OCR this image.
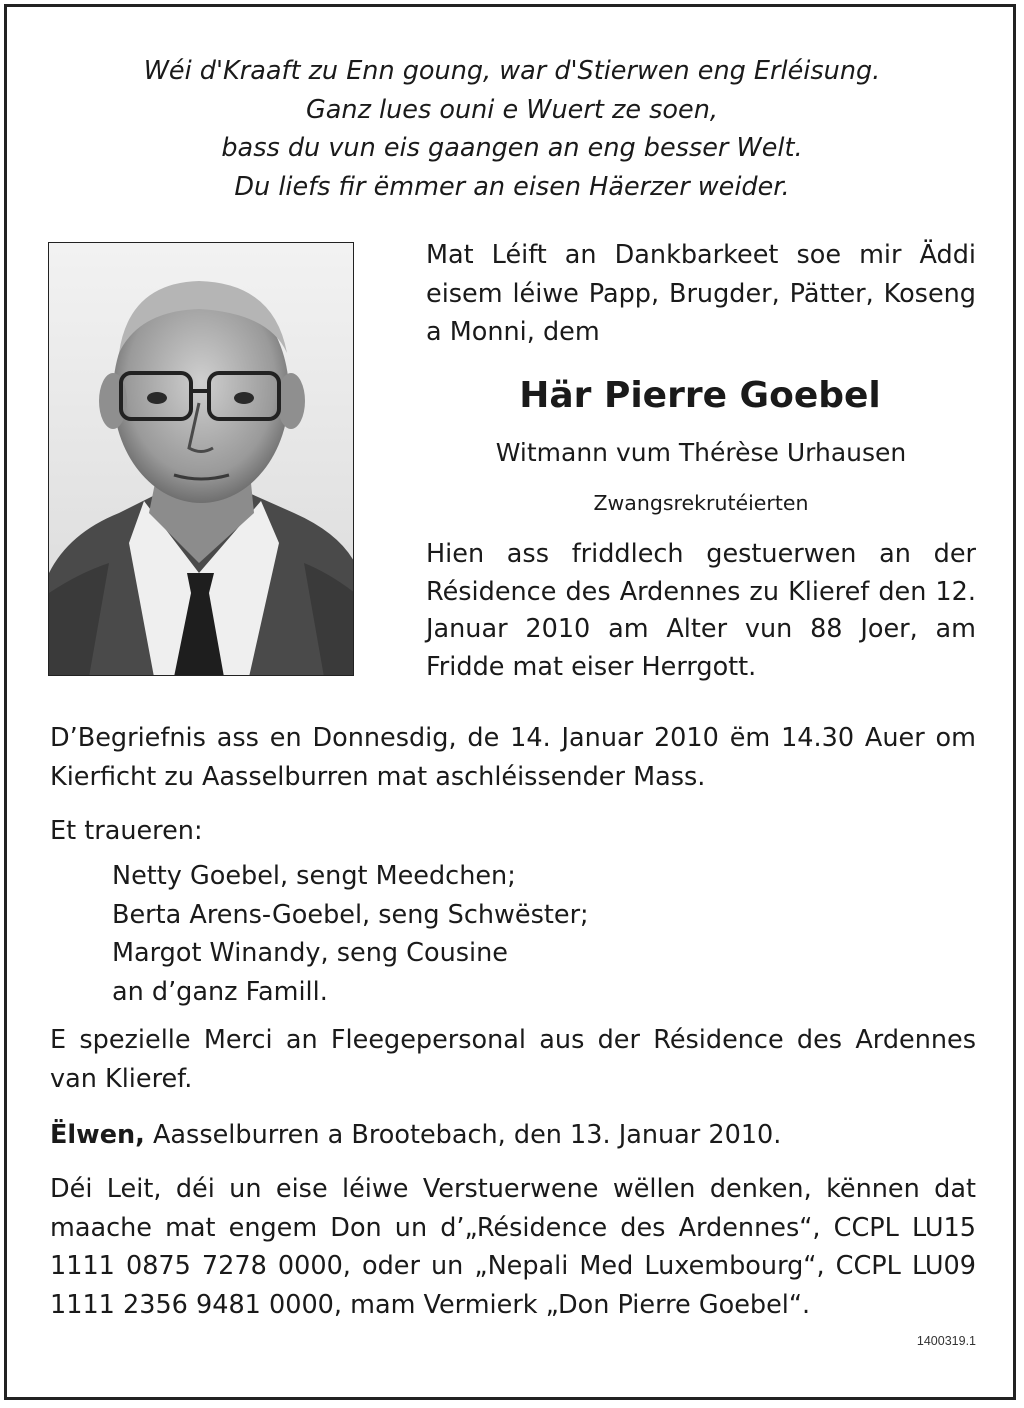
Wéi d'Kraaft zu Enn goung, war d'Stierwen eng Erléisung.
Ganz lues ouni e Wuert ze soen,
bass du vun eis gaangen an eng besser Welt.
Du liefs fir ëmmer an eisen Häerzer weider.
Mat Léift an Dankbarkeet soe mir Äddi eisem léiwe Papp, Brugder, Pätter, Koseng a Monni, dem
Här Pierre Goebel
Witmann vum Thérèse Urhausen
Zwangsrekrutéierten
Hien ass friddlech gestuerwen an der Résidence des Ardennes zu Klieref den 12. Januar 2010 am Alter vun 88 Joer, am Fridde mat eiser Herrgott.
D’Begriefnis ass en Donnesdig, de 14. Januar 2010 ëm 14.30 Auer om Kierficht zu Aasselburren mat aschléissender Mass.
Et traueren:
Netty Goebel, sengt Meedchen;
Berta Arens-Goebel, seng Schwëster;
Margot Winandy, seng Cousine
an d’ganz Famill.
E spezielle Merci an Fleegepersonal aus der Résidence des Ardennes van Klieref.
Ëlwen, Aasselburren a Brootebach, den 13. Januar 2010.
Déi Leit, déi un eise léiwe Verstuerwene wëllen denken, kënnen dat maache mat engem Don un d’„Résidence des Ardennes“, CCPL LU15 1111 0875 7278 0000, oder un „Nepali Med Luxembourg“, CCPL LU09 1111 2356 9481 0000, mam Vermierk „Don Pierre Goebel“.
1400319.1
